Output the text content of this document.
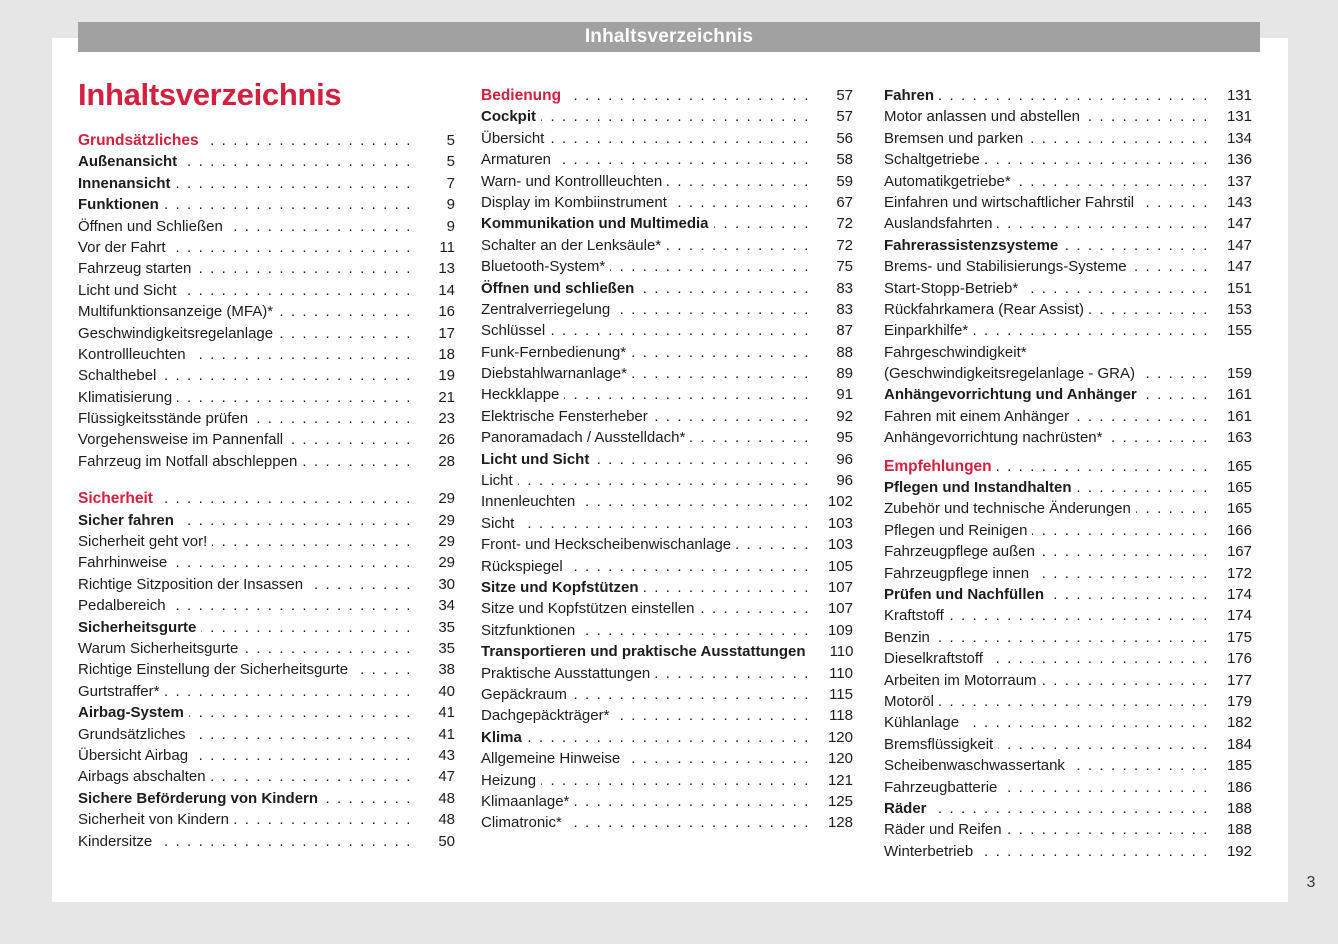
Inhaltsverzeichnis
Inhaltsverzeichnis
Grundsätzliches . . .	5
Außenansicht . . .	5
Innenansicht . . .	7
Funktionen . . .	9
Öffnen und Schließen . . .	9
Vor der Fahrt . . .	11
Fahrzeug starten . . .	13
Licht und Sicht . . .	14
Multifunktionsanzeige (MFA)* . . .	16
Geschwindigkeitsregelanlage . . .	17
Kontrollleuchten . . .	18
Schalthebel . . .	19
Klimatisierung . . .	21
Flüssigkeitsstände prüfen . . .	23
Vorgehensweise im Pannenfall . . .	26
Fahrzeug im Notfall abschleppen . . .	28
Sicherheit . . .	29
Sicher fahren . . .	29
Sicherheit geht vor! . . .	29
Fahrhinweise . . .	29
Richtige Sitzposition der Insassen . . .	30
Pedalbereich . . .	34
Sicherheitsgurte . . .	35
Warum Sicherheitsgurte . . .	35
Richtige Einstellung der Sicherheitsgurte . . .	38
Gurtstraffer* . . .	40
Airbag-System . . .	41
Grundsätzliches . . .	41
Übersicht Airbag . . .	43
Airbags abschalten . . .	47
Sichere Beförderung von Kindern . . .	48
Sicherheit von Kindern . . .	48
Kindersitze . . .	50
Bedienung . . .	57
Cockpit . . .	57
Übersicht . . .	56
Armaturen . . .	58
Warn- und Kontrollleuchten . . .	59
Display im Kombiinstrument . . .	67
Kommunikation und Multimedia . . .	72
Schalter an der Lenksäule* . . .	72
Bluetooth-System* . . .	75
Öffnen und schließen . . .	83
Zentralverriegelung . . .	83
Schlüssel . . .	87
Funk-Fernbedienung* . . .	88
Diebstahlwarnanlage* . . .	89
Heckklappe . . .	91
Elektrische Fensterheber . . .	92
Panoramadach / Ausstelldach* . . .	95
Licht und Sicht . . .	96
Licht . . .	96
Innenleuchten . . .	102
Sicht . . .	103
Front- und Heckscheibenwischanlage . . .	103
Rückspiegel . . .	105
Sitze und Kopfstützen . . .	107
Sitze und Kopfstützen einstellen . . .	107
Sitzfunktionen . . .	109
Transportieren und praktische Ausstattungen	110
Praktische Ausstattungen . . .	110
Gepäckraum . . .	115
Dachgepäckträger* . . .	118
Klima . . .	120
Allgemeine Hinweise . . .	120
Heizung . . .	121
Klimaanlage* . . .	125
Climatronic* . . .	128
Fahren . . .	131
Motor anlassen und abstellen . . .	131
Bremsen und parken . . .	134
Schaltgetriebe . . .	136
Automatikgetriebe* . . .	137
Einfahren und wirtschaftlicher Fahrstil . . .	143
Auslandsfahrten . . .	147
Fahrerassistenzsysteme . . .	147
Brems- und Stabilisierungs-Systeme . . .	147
Start-Stopp-Betrieb* . . .	151
Rückfahrkamera (Rear Assist) . . .	153
Einparkhilfe* . . .	155
Fahrgeschwindigkeit*
(Geschwindigkeitsregelanlage - GRA) . . .	159
Anhängevorrichtung und Anhänger . . .	161
Fahren mit einem Anhänger . . .	161
Anhängevorrichtung nachrüsten* . . .	163
Empfehlungen . . .	165
Pflegen und Instandhalten . . .	165
Zubehör und technische Änderungen . . .	165
Pflegen und Reinigen . . .	166
Fahrzeugpflege außen . . .	167
Fahrzeugpflege innen . . .	172
Prüfen und Nachfüllen . . .	174
Kraftstoff . . .	174
Benzin . . .	175
Dieselkraftstoff . . .	176
Arbeiten im Motorraum . . .	177
Motoröl . . .	179
Kühlanlage . . .	182
Bremsflüssigkeit . . .	184
Scheibenwaschwassertank . . .	185
Fahrzeugbatterie . . .	186
Räder . . .	188
Räder und Reifen . . .	188
Winterbetrieb . . .	192
3
